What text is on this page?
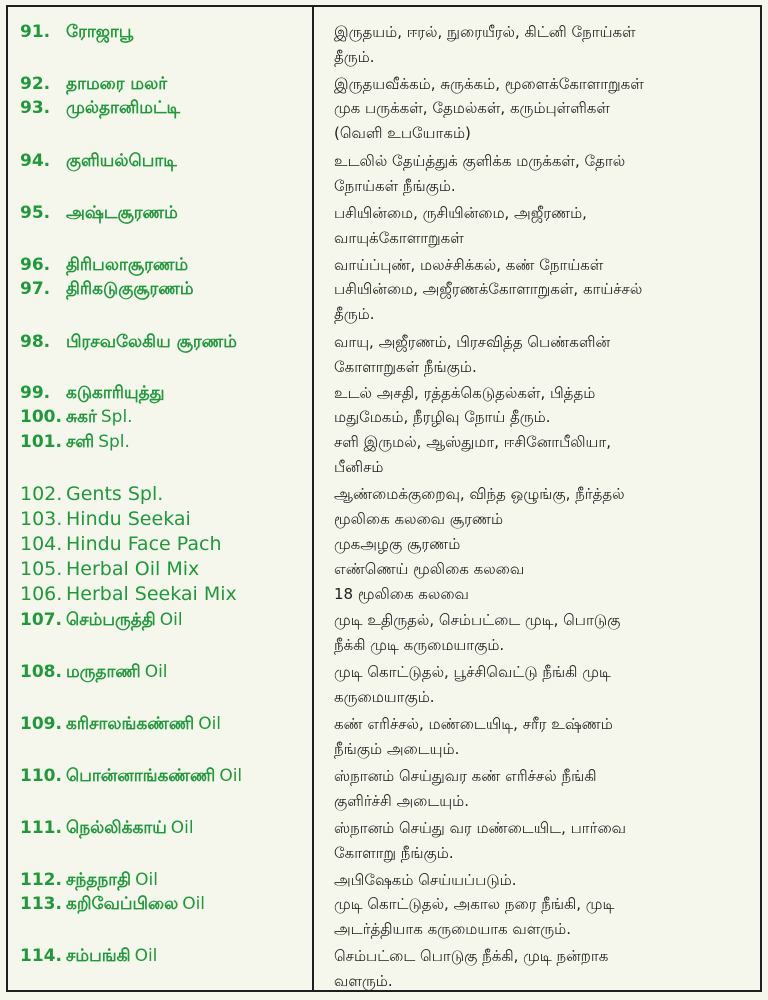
91. ரோஜாபூ	இருதயம், ஈரல், நுரையீரல், கிட்னி நோய்கள்
தீரும்.
92. தாமரை மலர்	இருதயவீக்கம், சுருக்கம், மூளைக்கோளாறுகள்
93. முல்தானிமட்டி	முக பருக்கள், தேமல்கள், கரும்புள்ளிகள்
(வெளி உபயோகம்)
94. குளியல்பொடி	உடலில் தேய்த்துக் குளிக்க மருக்கள், தோல்
நோய்கள் நீங்கும்.
95. அஷ்டசூரணம்	பசியின்மை, ருசியின்மை, அஜீரணம்,
வாயுக்கோளாறுகள்
96. திரிபலாசூரணம்	வாய்ப்புண், மலச்சிக்கல், கண் நோய்கள்
97. திரிகடுகுசூரணம்	பசியின்மை, அஜீரணக்கோளாறுகள், காய்ச்சல்
தீரும்.
98. பிரசவலேகிய சூரணம்	வாயு, அஜீரணம், பிரசவித்த பெண்களின்
கோளாறுகள் நீங்கும்.
99. கடுகாரியுத்து	உடல் அசதி, ரத்தக்கெடுதல்கள், பித்தம்
100. சுகர் Spl.	மதுமேகம், நீரழிவு நோய் தீரும்.
101. சளி Spl.	சளி இருமல், ஆஸ்துமா, ஈசினோபீலியா,
பீனிசம்
102. Gents Spl.	ஆண்மைக்குறைவு, விந்த ஒழுங்கு, நீர்த்தல்
103. Hindu Seekai	மூலிகை கலவை சூரணம்
104. Hindu Face Pach	முகஅழகு சூரணம்
105. Herbal Oil Mix	எண்ணெய் மூலிகை கலவை
106. Herbal Seekai Mix	18 மூலிகை கலவை
107. செம்பருத்தி Oil	முடி உதிருதல், செம்பட்டை முடி, பொடுகு
நீக்கி முடி கருமையாகும்.
108. மருதாணி Oil	முடி கொட்டுதல், பூச்சிவெட்டு நீங்கி முடி
கருமையாகும்.
109. கரிசாலங்கண்ணி Oil	கண் எரிச்சல், மண்டையிடி, சரீர உஷ்ணம்
நீங்கும் அடையும்.
110. பொன்னாங்கண்ணி Oil	ஸ்நானம் செய்துவர கண் எரிச்சல் நீங்கி
குளிர்ச்சி அடையும்.
111. நெல்லிக்காய் Oil	ஸ்நானம் செய்து வர மண்டையிட, பார்வை
கோளாறு நீங்கும்.
112. சந்தநாதி Oil	அபிஷேகம் செய்யப்படும்.
113. கறிவேப்பிலை Oil	முடி கொட்டுதல், அகால நரை நீங்கி, முடி
அடர்த்தியாக கருமையாக வளரும்.
114. சம்பங்கி Oil	செம்பட்டை பொடுகு நீக்கி, முடி நன்றாக
வளரும்.
